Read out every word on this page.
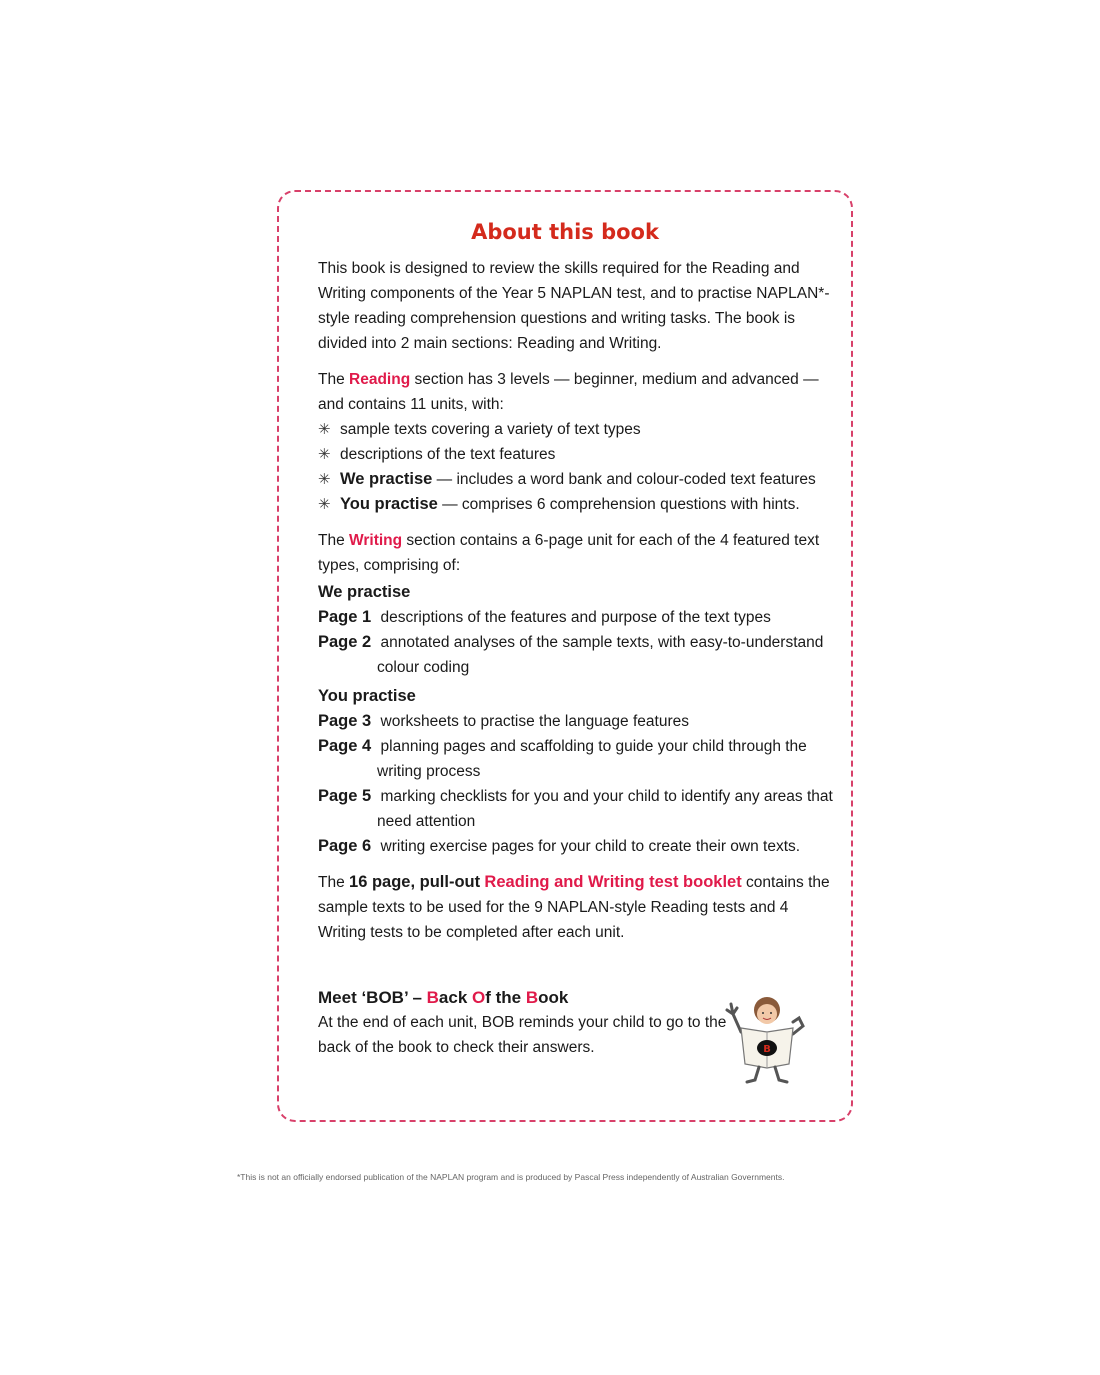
About this book

This book is designed to review the skills required for the Reading and Writing components of the Year 5 NAPLAN test, and to practise NAPLAN*-style reading comprehension questions and writing tasks. The book is divided into 2 main sections: Reading and Writing.

The Reading section has 3 levels — beginner, medium and advanced — and contains 11 units, with:

✳ sample texts covering a variety of text types
✳ descriptions of the text features
✳ We practise — includes a word bank and colour-coded text features
✳ You practise — comprises 6 comprehension questions with hints.

The Writing section contains a 6-page unit for each of the 4 featured text types, comprising of:

We practise
Page 1 descriptions of the features and purpose of the text types
Page 2 annotated analyses of the sample texts, with easy-to-understand colour coding
You practise
Page 3 worksheets to practise the language features
Page 4 planning pages and scaffolding to guide your child through the writing process
Page 5 marking checklists for you and your child to identify any areas that need attention
Page 6 writing exercise pages for your child to create their own texts.

The 16 page, pull-out Reading and Writing test booklet contains the sample texts to be used for the 9 NAPLAN-style Reading tests and 4 Writing tests to be completed after each unit.

Meet ‘BOB’ – Back Of the Book
At the end of each unit, BOB reminds your child to go to the back of the book to check their answers.	B
*This is not an officially endorsed publication of the NAPLAN program and is produced by Pascal Press independently of Australian Governments.
